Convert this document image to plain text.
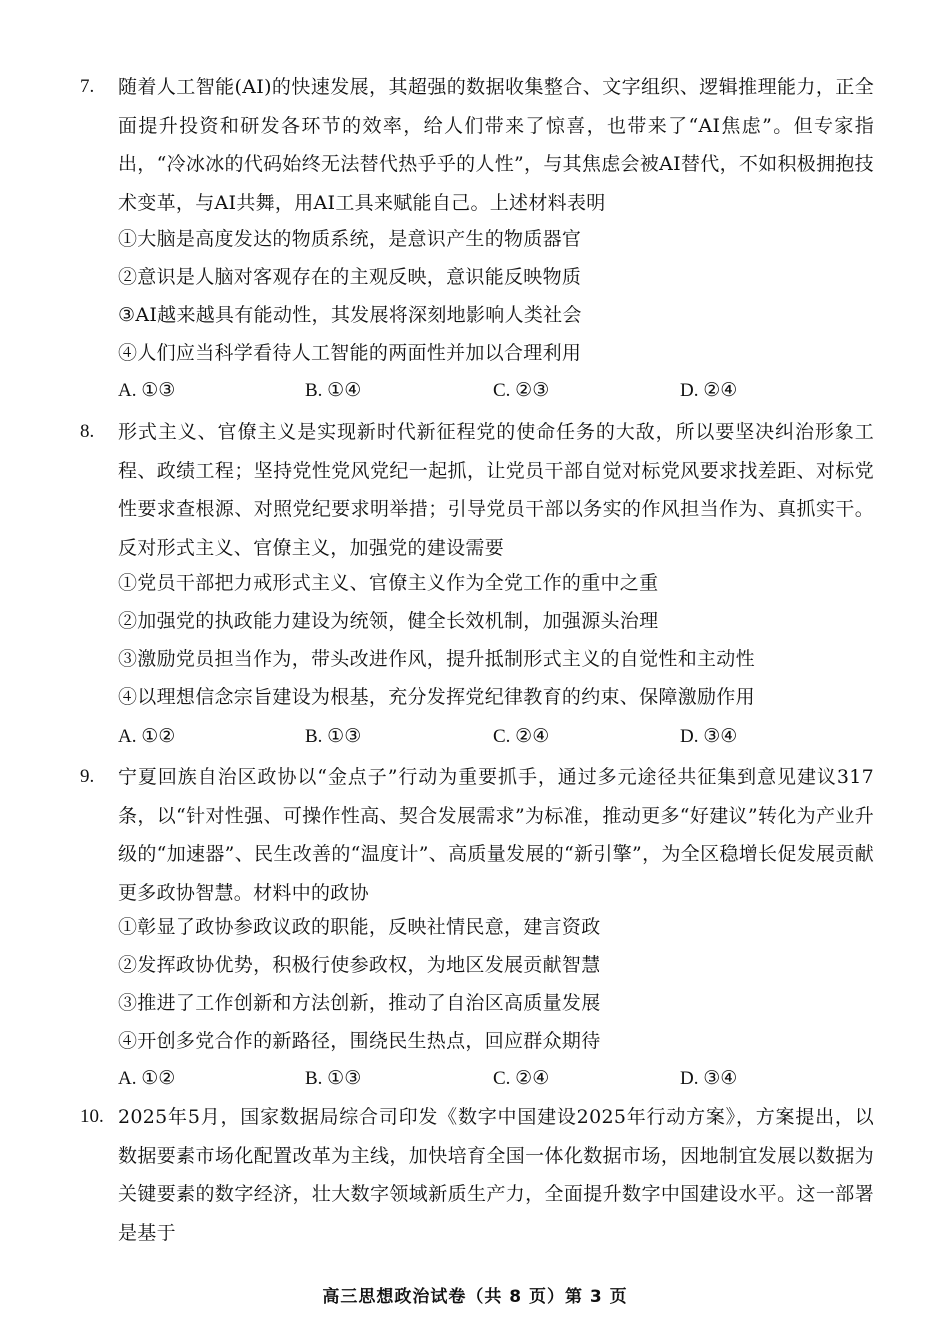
7. 随着人工智能(AI)的快速发展，其超强的数据收集整合、文字组织、逻辑推理能力，正全面提升投资和研发各环节的效率，给人们带来了惊喜，也带来了“AI焦虑”。但专家指出，“冷冰冰的代码始终无法替代热乎乎的人性”，与其焦虑会被AI替代，不如积极拥抱技术变革，与AI共舞，用AI工具来赋能自己。上述材料表明

①大脑是高度发达的物质系统，是意识产生的物质器官
②意识是人脑对客观存在的主观反映，意识能反映物质
③AI越来越具有能动性，其发展将深刻地影响人类社会
④人们应当科学看待人工智能的两面性并加以合理利用
A. ①③	B. ①④	C. ②③	D. ②④
8. 形式主义、官僚主义是实现新时代新征程党的使命任务的大敌，所以要坚决纠治形象工程、政绩工程；坚持党性党风党纪一起抓，让党员干部自觉对标党风要求找差距、对标党性要求查根源、对照党纪要求明举措；引导党员干部以务实的作风担当作为、真抓实干。反对形式主义、官僚主义，加强党的建设需要

①党员干部把力戒形式主义、官僚主义作为全党工作的重中之重
②加强党的执政能力建设为统领，健全长效机制，加强源头治理
③激励党员担当作为，带头改进作风，提升抵制形式主义的自觉性和主动性
④以理想信念宗旨建设为根基，充分发挥党纪律教育的约束、保障激励作用
A. ①②	B. ①③	C. ②④	D. ③④
9. 宁夏回族自治区政协以“金点子”行动为重要抓手，通过多元途径共征集到意见建议317条，以“针对性强、可操作性高、契合发展需求”为标准，推动更多“好建议”转化为产业升级的“加速器”、民生改善的“温度计”、高质量发展的“新引擎”，为全区稳增长促发展贡献更多政协智慧。材料中的政协

①彰显了政协参政议政的职能，反映社情民意，建言资政
②发挥政协优势，积极行使参政权，为地区发展贡献智慧
③推进了工作创新和方法创新，推动了自治区高质量发展
④开创多党合作的新路径，围绕民生热点，回应群众期待
A. ①②	B. ①③	C. ②④	D. ③④
10. 2025年5月，国家数据局综合司印发《数字中国建设2025年行动方案》，方案提出，以数据要素市场化配置改革为主线，加快培育全国一体化数据市场，因地制宜发展以数据为关键要素的数字经济，壮大数字领域新质生产力，全面提升数字中国建设水平。这一部署是基于

高三思想政治试卷（共 8 页）第 3 页
